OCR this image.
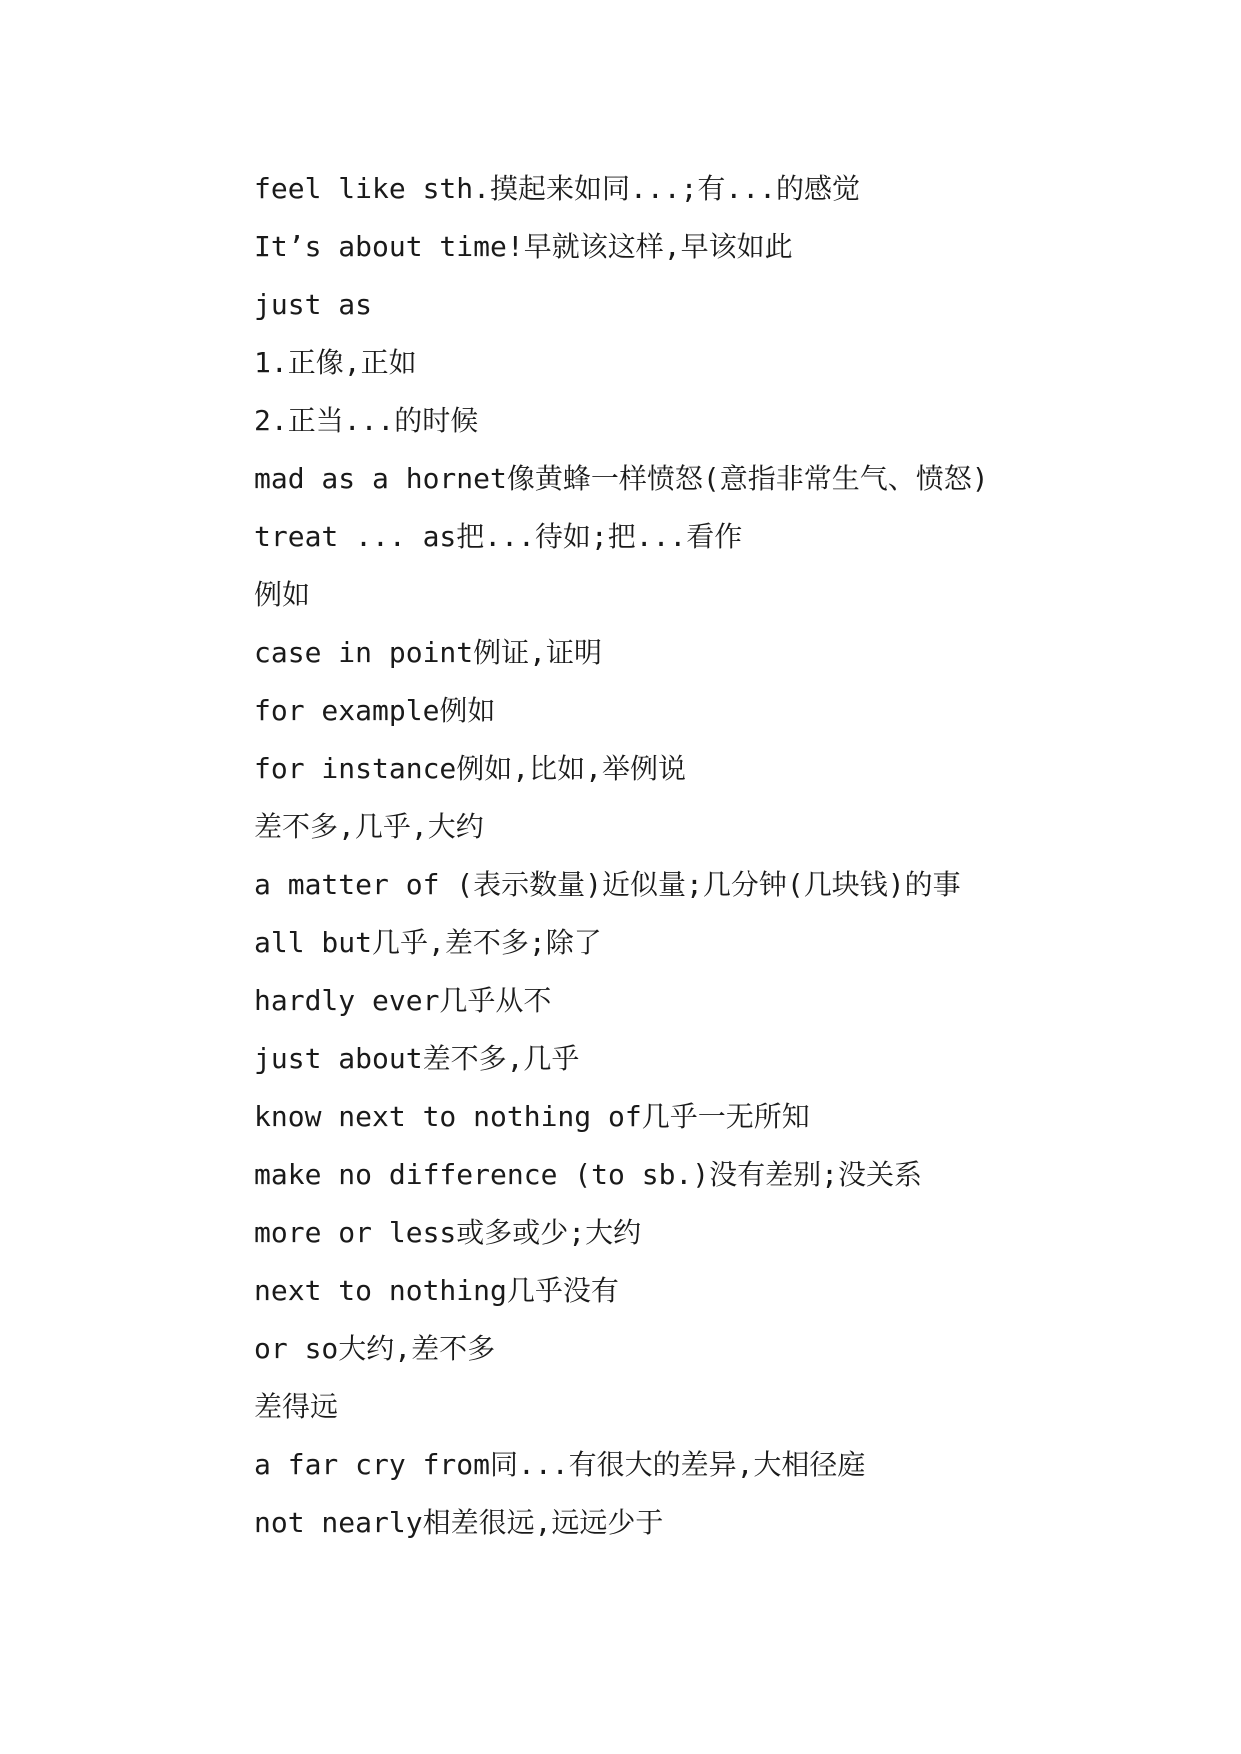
feel like sth.摸起来如同...;有...的感觉
It’s about time!早就该这样,早该如此
just as
1.正像,正如
2.正当...的时候
mad as a hornet像黄蜂一样愤怒(意指非常生气、愤怒)
treat ... as把...待如;把...看作
例如
case in point例证,证明
for example例如
for instance例如,比如,举例说
差不多,几乎,大约
a matter of (表示数量)近似量;几分钟(几块钱)的事
all but几乎,差不多;除了
hardly ever几乎从不
just about差不多,几乎
know next to nothing of几乎一无所知
make no difference (to sb.)没有差别;没关系
more or less或多或少;大约
next to nothing几乎没有
or so大约,差不多
差得远
a far cry from同...有很大的差异,大相径庭
not nearly相差很远,远远少于
